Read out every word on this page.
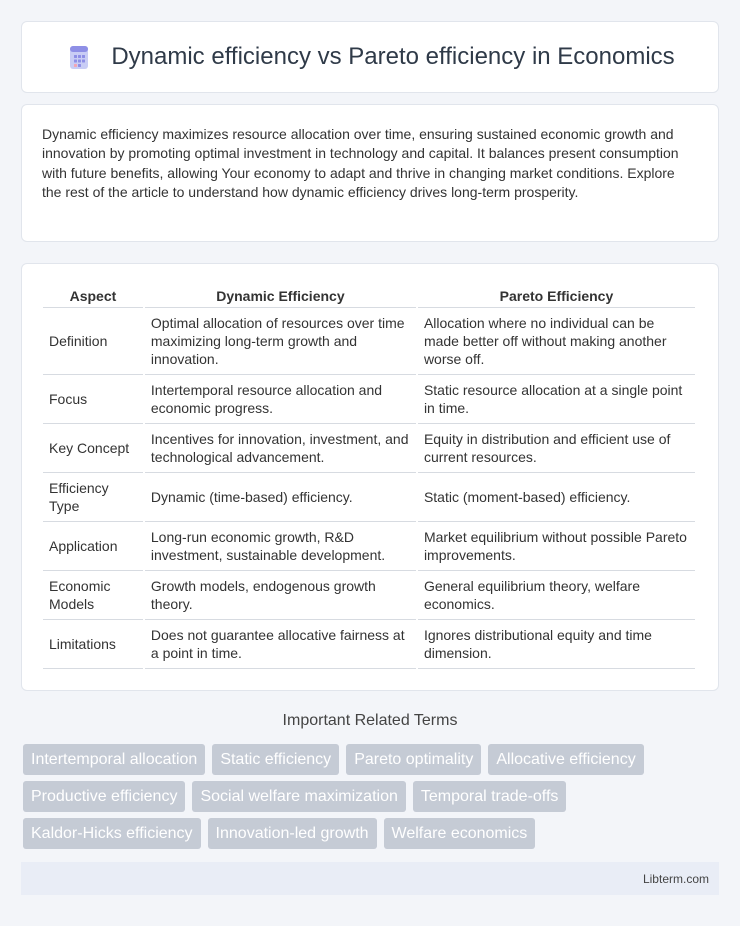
Dynamic efficiency vs Pareto efficiency in Economics

Dynamic efficiency maximizes resource allocation over time, ensuring sustained economic growth and innovation by promoting optimal investment in technology and capital. It balances present consumption with future benefits, allowing Your economy to adapt and thrive in changing market conditions. Explore the rest of the article to understand how dynamic efficiency drives long-term prosperity.

Aspect	Dynamic Efficiency	Pareto Efficiency
Definition	Optimal allocation of resources over time maximizing long-term growth and innovation.	Allocation where no individual can be made better off without making another worse off.
Focus	Intertemporal resource allocation and economic progress.	Static resource allocation at a single point in time.
Key Concept	Incentives for innovation, investment, and technological advancement.	Equity in distribution and efficient use of current resources.
Efficiency Type	Dynamic (time-based) efficiency.	Static (moment-based) efficiency.
Application	Long-run economic growth, R&D investment, sustainable development.	Market equilibrium without possible Pareto improvements.
Economic Models	Growth models, endogenous growth theory.	General equilibrium theory, welfare economics.
Limitations	Does not guarantee allocative fairness at a point in time.	Ignores distributional equity and time dimension.
Important Related Terms
Intertemporal allocation	Static efficiency	Pareto optimality	Allocative efficiency
Productive efficiency	Social welfare maximization	Temporal trade-offs
Kaldor-Hicks efficiency	Innovation-led growth	Welfare economics
Libterm.com
